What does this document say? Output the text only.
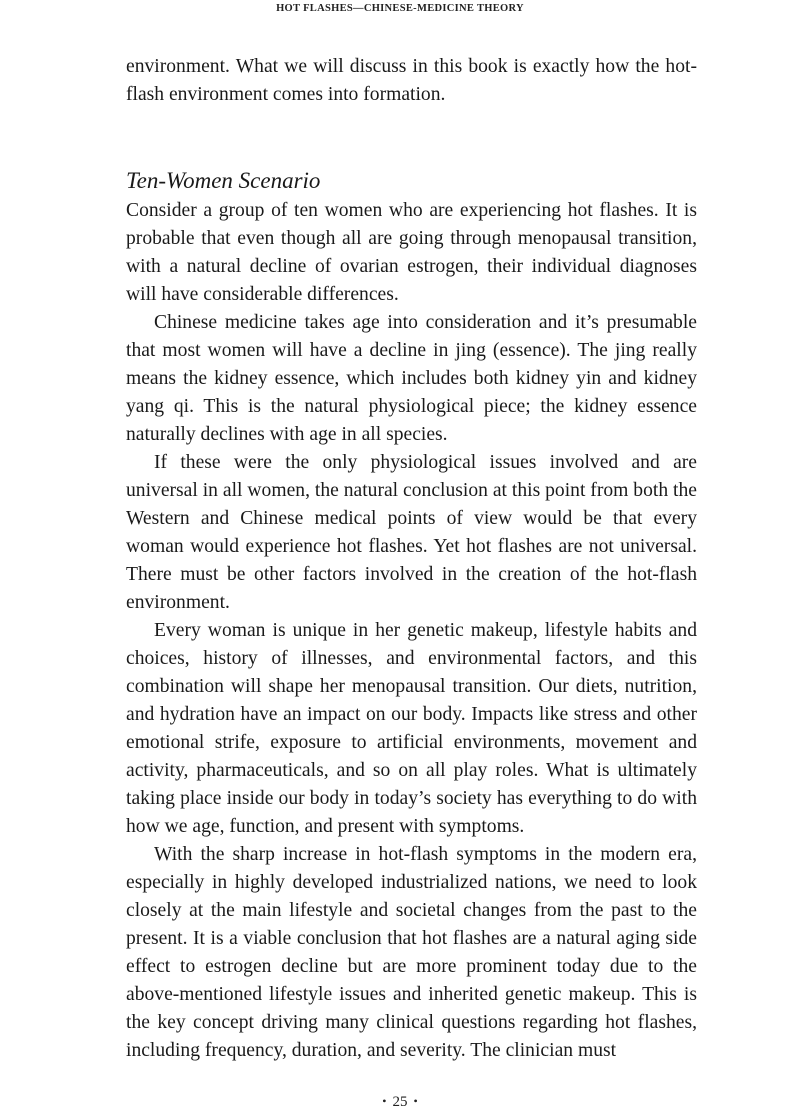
HOT FLASHES—CHINESE-MEDICINE THEORY

environment. What we will discuss in this book is exactly how the hot-flash environment comes into formation.

Ten-Women Scenario

Consider a group of ten women who are experiencing hot flashes. It is probable that even though all are going through menopausal transition, with a natural decline of ovarian estrogen, their individual diagnoses will have considerable differences.

Chinese medicine takes age into consideration and it’s presumable that most women will have a decline in jing (essence). The jing really means the kidney essence, which includes both kidney yin and kidney yang qi. This is the natural physiological piece; the kidney essence naturally declines with age in all species.

If these were the only physiological issues involved and are universal in all women, the natural conclusion at this point from both the Western and Chinese medical points of view would be that every woman would experience hot flashes. Yet hot flashes are not universal. There must be other factors involved in the creation of the hot-flash environment.

Every woman is unique in her genetic makeup, lifestyle habits and choices, history of illnesses, and environmental factors, and this combination will shape her menopausal transition. Our diets, nutrition, and hydration have an impact on our body. Impacts like stress and other emotional strife, exposure to artificial environments, movement and activity, pharmaceuticals, and so on all play roles. What is ultimately taking place inside our body in today’s society has everything to do with how we age, function, and present with symptoms.

With the sharp increase in hot-flash symptoms in the modern era, especially in highly developed industrialized nations, we need to look closely at the main lifestyle and societal changes from the past to the present. It is a viable conclusion that hot flashes are a natural aging side effect to estrogen decline but are more prominent today due to the above-mentioned lifestyle issues and inherited genetic makeup. This is the key concept driving many clinical questions regarding hot flashes, including frequency, duration, and severity. The clinician must

• 25 •
